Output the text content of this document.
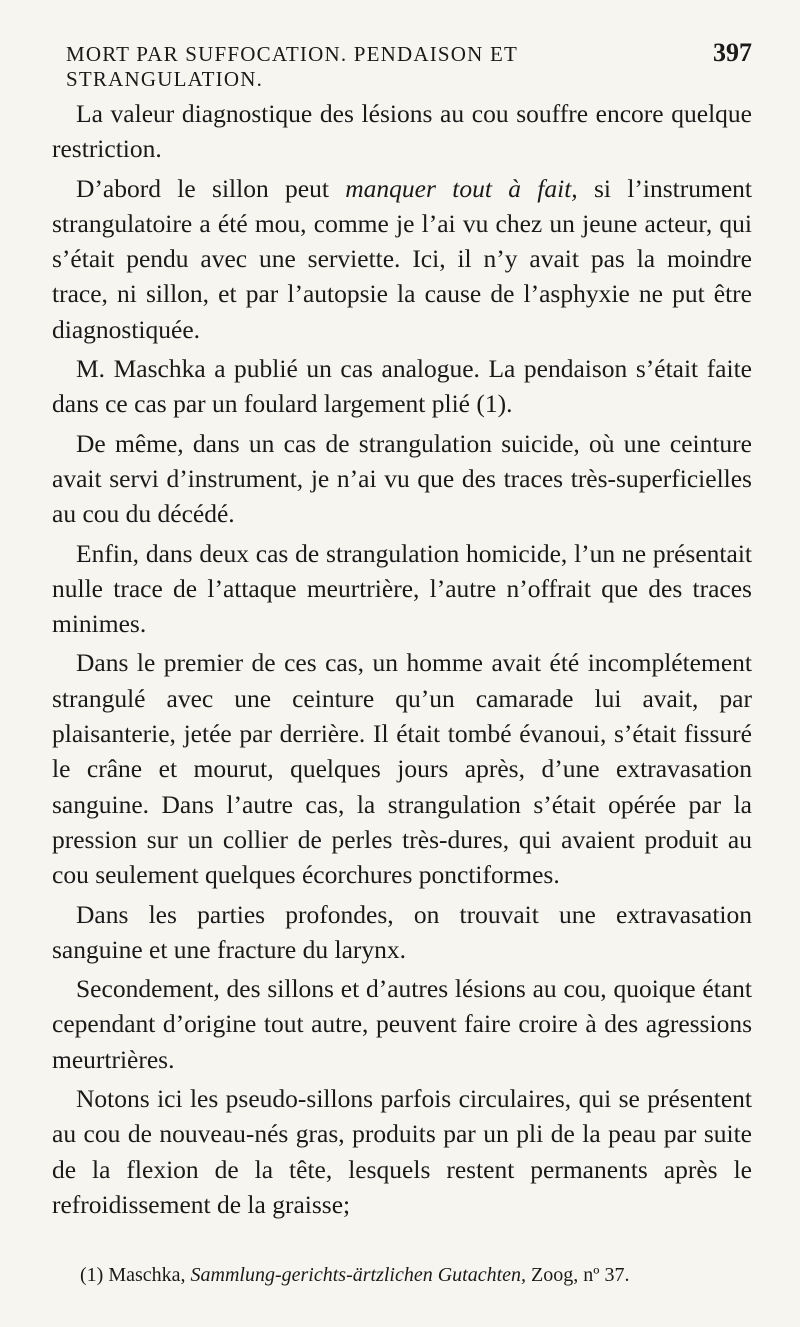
MORT PAR SUFFOCATION. PENDAISON ET STRANGULATION.
397

La valeur diagnostique des lésions au cou souffre encore quelque restriction.

D’abord le sillon peut manquer tout à fait, si l’instrument strangulatoire a été mou, comme je l’ai vu chez un jeune acteur, qui s’était pendu avec une serviette. Ici, il n’y avait pas la moindre trace, ni sillon, et par l’autopsie la cause de l’asphyxie ne put être diagnostiquée.

M. Maschka a publié un cas analogue. La pendaison s’était faite dans ce cas par un foulard largement plié (1).

De même, dans un cas de strangulation suicide, où une ceinture avait servi d’instrument, je n’ai vu que des traces très-superficielles au cou du décédé.

Enfin, dans deux cas de strangulation homicide, l’un ne présentait nulle trace de l’attaque meurtrière, l’autre n’offrait que des traces minimes.

Dans le premier de ces cas, un homme avait été incomplétement strangulé avec une ceinture qu’un camarade lui avait, par plaisanterie, jetée par derrière. Il était tombé évanoui, s’était fissuré le crâne et mourut, quelques jours après, d’une extravasation sanguine. Dans l’autre cas, la strangulation s’était opérée par la pression sur un collier de perles très-dures, qui avaient produit au cou seulement quelques écorchures ponctiformes.

Dans les parties profondes, on trouvait une extravasation sanguine et une fracture du larynx.

Secondement, des sillons et d’autres lésions au cou, quoique étant cependant d’origine tout autre, peuvent faire croire à des agressions meurtrières.

Notons ici les pseudo-sillons parfois circulaires, qui se présentent au cou de nouveau-nés gras, produits par un pli de la peau par suite de la flexion de la tête, lesquels restent permanents après le refroidissement de la graisse;

(1) Maschka, Sammlung-gerichts-ärtzlichen Gutachten, Zoog, nº 37.
